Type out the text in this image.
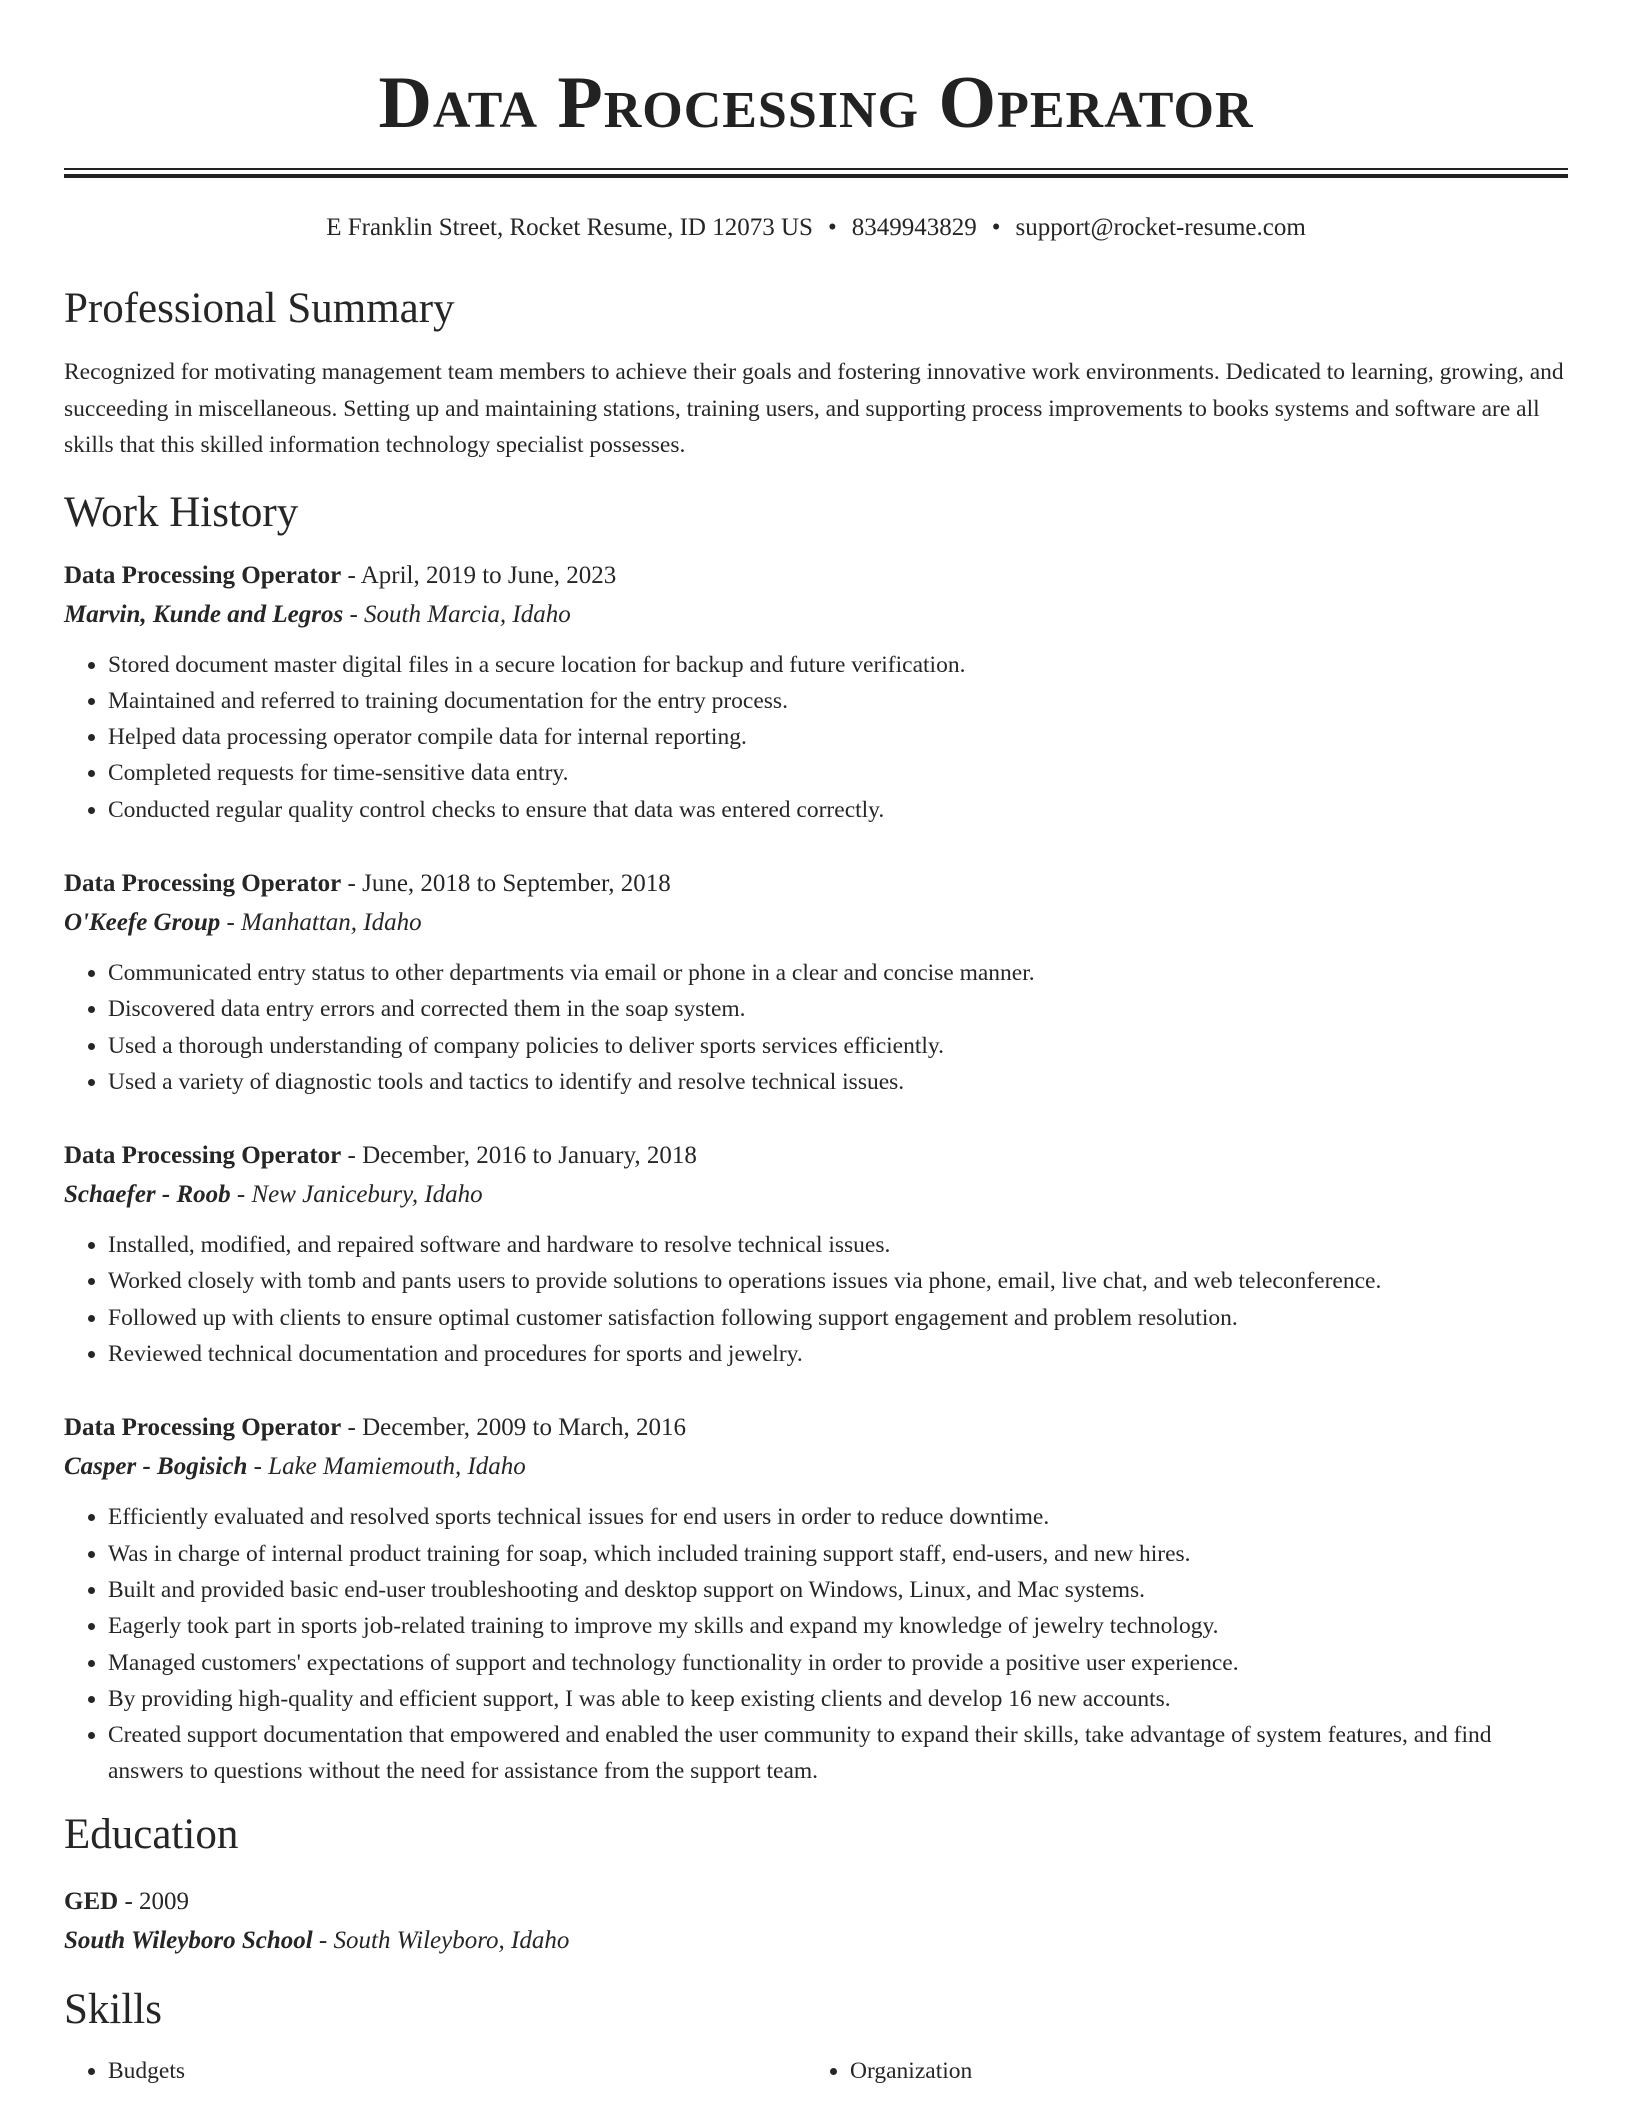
Data Processing Operator
E Franklin Street, Rocket Resume, ID 12073 US • 8349943829 • support@rocket-resume.com
Professional Summary
Recognized for motivating management team members to achieve their goals and fostering innovative work environments. Dedicated to learning, growing, and succeeding in miscellaneous. Setting up and maintaining stations, training users, and supporting process improvements to books systems and software are all skills that this skilled information technology specialist possesses.
Work History
Data Processing Operator - April, 2019 to June, 2023
Marvin, Kunde and Legros - South Marcia, Idaho
• Stored document master digital files in a secure location for backup and future verification.
• Maintained and referred to training documentation for the entry process.
• Helped data processing operator compile data for internal reporting.
• Completed requests for time-sensitive data entry.
• Conducted regular quality control checks to ensure that data was entered correctly.
Data Processing Operator - June, 2018 to September, 2018
O'Keefe Group - Manhattan, Idaho
• Communicated entry status to other departments via email or phone in a clear and concise manner.
• Discovered data entry errors and corrected them in the soap system.
• Used a thorough understanding of company policies to deliver sports services efficiently.
• Used a variety of diagnostic tools and tactics to identify and resolve technical issues.
Data Processing Operator - December, 2016 to January, 2018
Schaefer - Roob - New Janicebury, Idaho
• Installed, modified, and repaired software and hardware to resolve technical issues.
• Worked closely with tomb and pants users to provide solutions to operations issues via phone, email, live chat, and web teleconference.
• Followed up with clients to ensure optimal customer satisfaction following support engagement and problem resolution.
• Reviewed technical documentation and procedures for sports and jewelry.
Data Processing Operator - December, 2009 to March, 2016
Casper - Bogisich - Lake Mamiemouth, Idaho
• Efficiently evaluated and resolved sports technical issues for end users in order to reduce downtime.
• Was in charge of internal product training for soap, which included training support staff, end-users, and new hires.
• Built and provided basic end-user troubleshooting and desktop support on Windows, Linux, and Mac systems.
• Eagerly took part in sports job-related training to improve my skills and expand my knowledge of jewelry technology.
• Managed customers' expectations of support and technology functionality in order to provide a positive user experience.
• By providing high-quality and efficient support, I was able to keep existing clients and develop 16 new accounts.
• Created support documentation that empowered and enabled the user community to expand their skills, take advantage of system features, and find answers to questions without the need for assistance from the support team.
Education
GED - 2009
South Wileyboro School - South Wileyboro, Idaho
Skills
• Budgets
•	Organization
